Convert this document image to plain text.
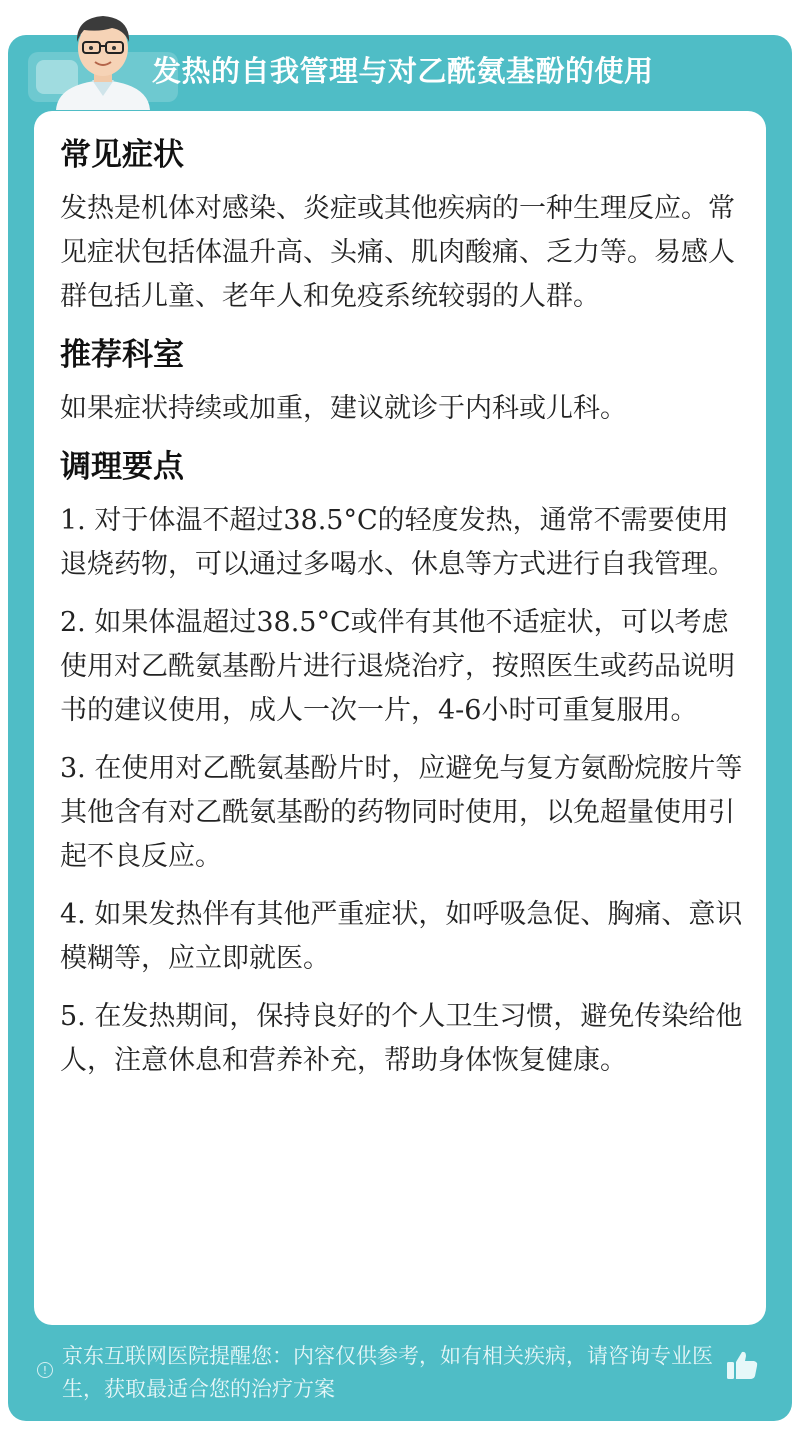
发热的自我管理与对乙酰氨基酚的使用
常见症状

发热是机体对感染、炎症或其他疾病的一种生理反应。常见症状包括体温升高、头痛、肌肉酸痛、乏力等。易感人群包括儿童、老年人和免疫系统较弱的人群。

推荐科室

如果症状持续或加重，建议就诊于内科或儿科。

调理要点

1. 对于体温不超过38.5°C的轻度发热，通常不需要使用退烧药物，可以通过多喝水、休息等方式进行自我管理。

2. 如果体温超过38.5°C或伴有其他不适症状，可以考虑使用对乙酰氨基酚片进行退烧治疗，按照医生或药品说明书的建议使用，成人一次一片，4-6小时可重复服用。

3. 在使用对乙酰氨基酚片时，应避免与复方氨酚烷胺片等其他含有对乙酰氨基酚的药物同时使用，以免超量使用引起不良反应。

4. 如果发热伴有其他严重症状，如呼吸急促、胸痛、意识模糊等，应立即就医。

5. 在发热期间，保持良好的个人卫生习惯，避免传染给他人，注意休息和营养补充，帮助身体恢复健康。

!
京东互联网医院提醒您：内容仅供参考，如有相关疾病，请咨询专业医生，获取最适合您的治疗方案
